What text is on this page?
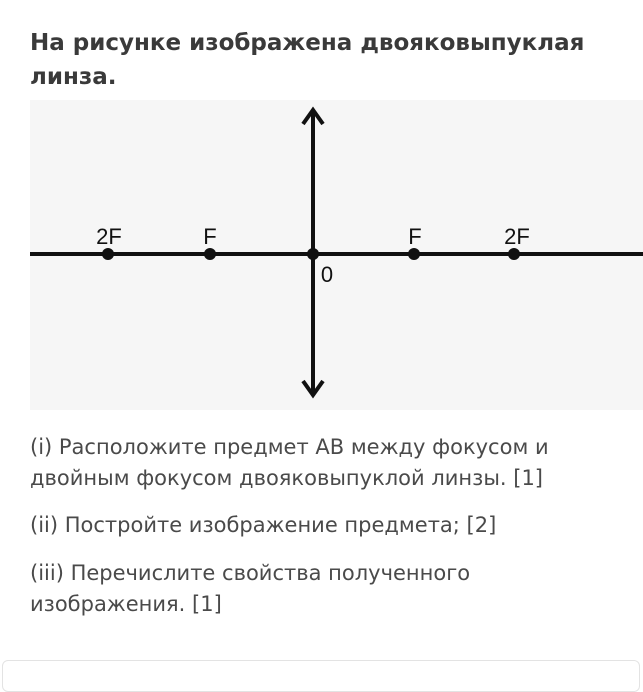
На рисунке изображена двояковыпуклая линза.
2F	F
0
F	2F

(i) Расположите предмет АВ между фокусом и двойным фокусом двояковыпуклой линзы. [1]

(ii) Постройте изображение предмета; [2]

(iii) Перечислите свойства полученного изображения. [1]
